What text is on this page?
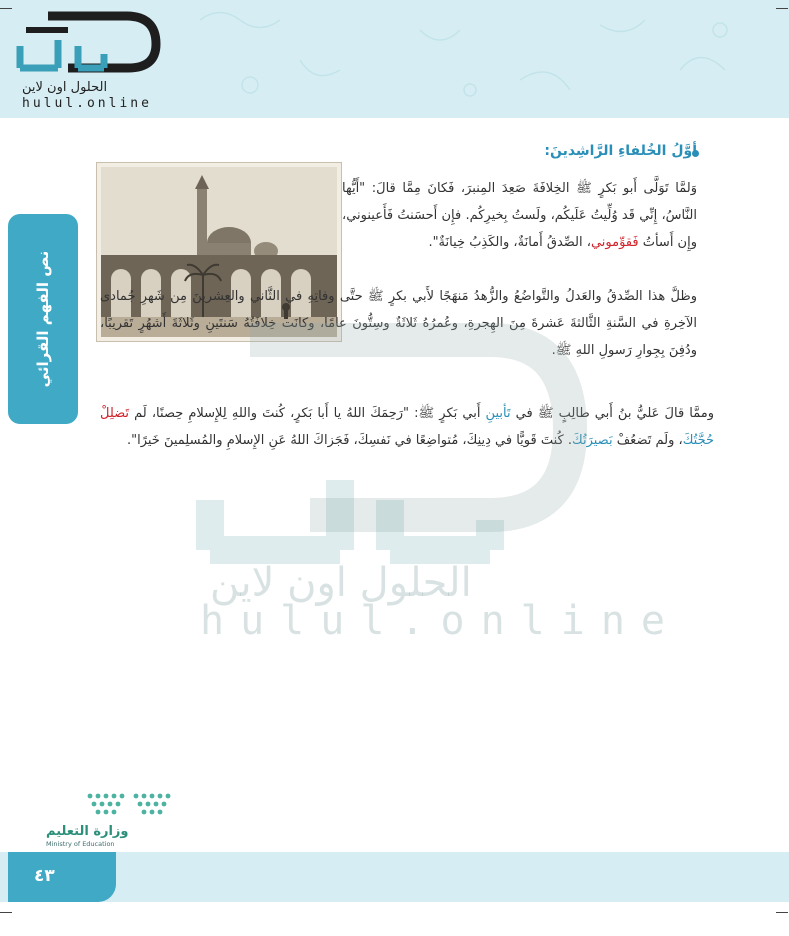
الحلول اون لاين
hulul.online
نص الفهم القرائي
أوَّلُ الخُلفاءِ الرَّاشِدينَ:
وَلمَّا تَوَلَّى أَبو بَكرٍ ﷺ الخِلافَةَ صَعِدَ المِنبرَ، فَكانَ مِمَّا قالَ: "أَيُّها النَّاسُ، إِنِّي قَد وُلِّيتُ عَلَيكُم، ولَستُ بِخيرِكُم. فإِن أَحسَنتُ فَأَعينوني، وإِن أَسأتُ فَقوِّموني، الصِّدقُ أَمانَةٌ، والكَذِبُ خِيانَةٌ".
وظلَّ هذا الصِّدقُ والعَدلُ والتَّواضُعُ والزُّهدُ مَنهَجًا لأَبي بكرٍ ﷺ حتَّى وفاتِهِ في الثَّاني والعِشرينَ مِن شَهرِ جُمادى الآخِرةِ في السَّنةِ الثَّالثةَ عَشرةَ مِنَ الهِجرةِ، وعُمرُهُ ثَلاثَةٌ وسِتُّونَ عامًا، وكانَت خِلافَتُهُ سَنتَينِ وثَلاثَةَ أَشهُرٍ تَقريبًا، ودُفِنَ بِجِوارِ رَسولِ اللهِ ﷺ.
وممَّا قالَ عَليُّ بنُ أَبي طالِبٍ ﷺ في تَأبينِ أَبي بَكرٍ ﷺ: "رَحِمَكَ اللهُ يا أَبا بَكرٍ، كُنتَ واللهِ لِلإِسلامِ حِصنًا، لَم تَضلِلْ حُجَّتُكَ، ولَم تَضعُفْ بَصيرَتُكَ. كُنتَ قَويًّا في دِينِكَ، مُتواضِعًا في نَفسِكَ، فَجَزاكَ اللهُ عَنِ الإِسلامِ والمُسلِمينَ خَيرًا".
الحلول اون لاين
hulul.online
وزارة التعليم
Ministry of Education
٤٣
